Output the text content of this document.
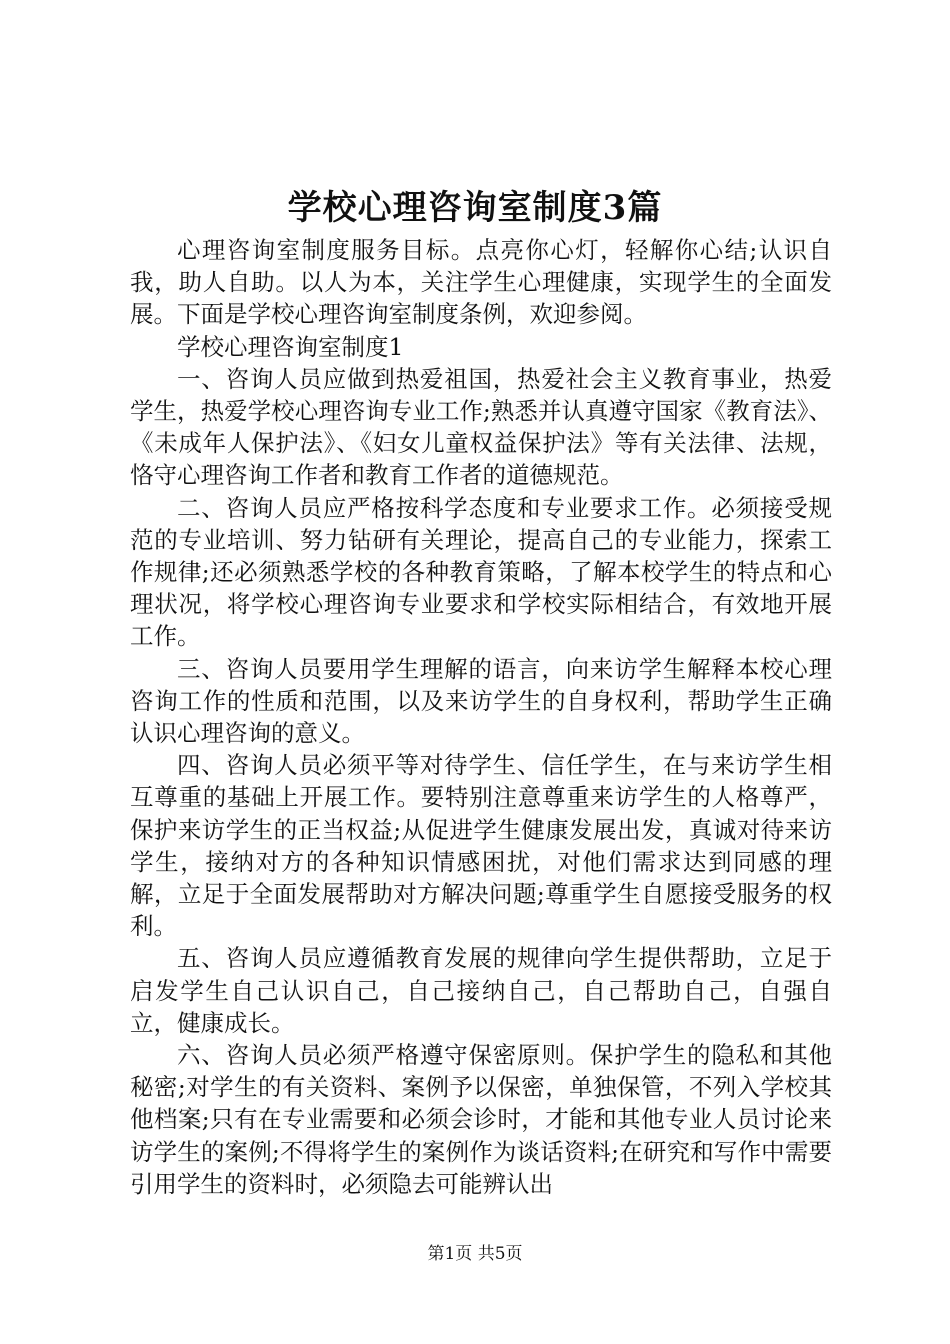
学校心理咨询室制度3篇

心理咨询室制度服务目标。点亮你心灯，轻解你心结;认识自我，助人自助。以人为本，关注学生心理健康，实现学生的全面发展。下面是学校心理咨询室制度条例，欢迎参阅。

学校心理咨询室制度1

一、咨询人员应做到热爱祖国，热爱社会主义教育事业，热爱学生，热爱学校心理咨询专业工作;熟悉并认真遵守国家《教育法》、《未成年人保护法》、《妇女儿童权益保护法》等有关法律、法规，恪守心理咨询工作者和教育工作者的道德规范。

二、咨询人员应严格按科学态度和专业要求工作。必须接受规范的专业培训、努力钻研有关理论，提高自己的专业能力，探索工作规律;还必须熟悉学校的各种教育策略，了解本校学生的特点和心理状况，将学校心理咨询专业要求和学校实际相结合，有效地开展工作。

三、咨询人员要用学生理解的语言，向来访学生解释本校心理咨询工作的性质和范围，以及来访学生的自身权利，帮助学生正确认识心理咨询的意义。

四、咨询人员必须平等对待学生、信任学生，在与来访学生相互尊重的基础上开展工作。要特别注意尊重来访学生的人格尊严，保护来访学生的正当权益;从促进学生健康发展出发，真诚对待来访学生，接纳对方的各种知识情感困扰，对他们需求达到同感的理解，立足于全面发展帮助对方解决问题;尊重学生自愿接受服务的权利。

五、咨询人员应遵循教育发展的规律向学生提供帮助，立足于启发学生自己认识自己，自己接纳自己，自己帮助自己，自强自立，健康成长。

六、咨询人员必须严格遵守保密原则。保护学生的隐私和其他秘密;对学生的有关资料、案例予以保密，单独保管，不列入学校其他档案;只有在专业需要和必须会诊时，才能和其他专业人员讨论来访学生的案例;不得将学生的案例作为谈话资料;在研究和写作中需要引用学生的资料时，必须隐去可能辨认出

第1页 共5页
